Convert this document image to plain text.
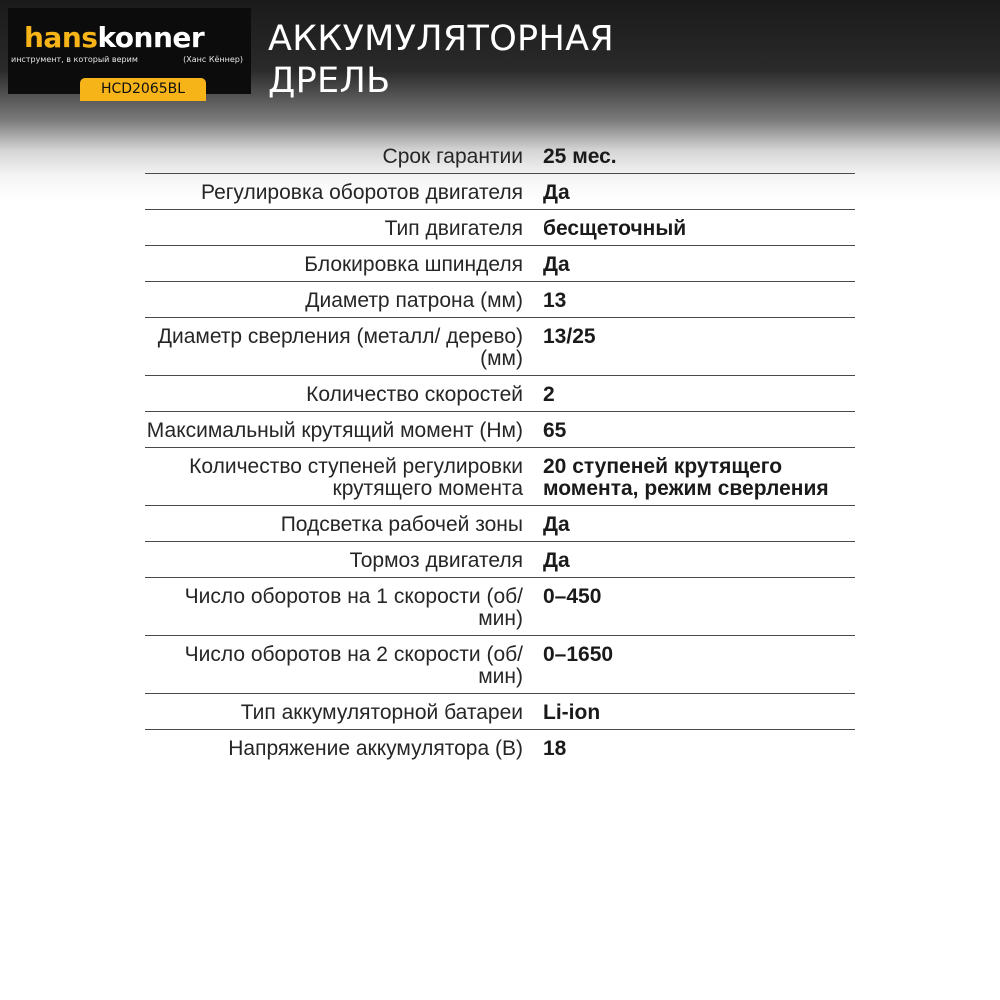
hanskonner
инструмент, в который верим	(Ханс Кённер)
HCD2065BL
АККУМУЛЯТОРНАЯ ДРЕЛЬ
Срок гарантии 25 мес.
Регулировка оборотов двигателя Да
Тип двигателя бесщеточный
Блокировка шпинделя Да
Диаметр патрона (мм) 13
Диаметр сверления (металл/ дерево) (мм)
13/25
Количество скоростей 2
Максимальный крутящий момент (Нм) 65
Количество ступеней регулировки крутящего момента
20 ступеней крутящего момента, режим сверления
Подсветка рабочей зоны Да
Тормоз двигателя Да
Число оборотов на 1 скорости (об/мин)
0–450
Число оборотов на 2 скорости (об/мин)
0–1650
Тип аккумуляторной батареи Li-ion
Напряжение аккумулятора (В) 18
